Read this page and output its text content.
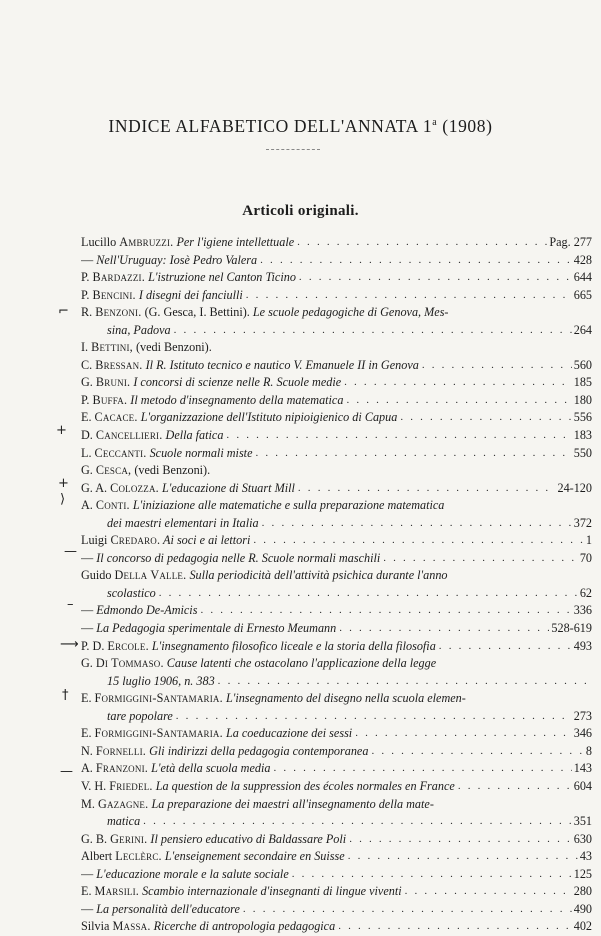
INDICE ALFABETICO DELL'ANNATA 1$^a$ (1908)
Articoli originali.
Lucillo Ambruzzi. Per l'igiene intellettuale . . .	Pag. 277
— Nell'Uruguay: Iosè Pedro Valera . . .	428
P. Bardazzi. L'istruzione nel Canton Ticino . . .	644
P. Bencini. I disegni dei fanciulli . . .	665
R. Benzoni. (G. Gesca, I. Bettini). Le scuole pedagogiche di Genova, Mes-
sina, Padova . . .	264
I. Bettini, (vedi Benzoni).
C. Bressan. Il R. Istituto tecnico e nautico V. Emanuele II in Genova . . .	560
G. Bruni. I concorsi di scienze nelle R. Scuole medie . . .	185
P. Buffa. Il metodo d'insegnamento della matematica . . .	180
E. Cacace. L'organizzazione dell'Istituto nipioigienico di Capua . . .	556
D. Cancellieri. Della fatica . . .	183
L. Ceccanti. Scuole normali miste . . .	550
G. Cesca, (vedi Benzoni).
G. A. Colozza. L'educazione di Stuart Mill . . .	24-120
A. Conti. L'iniziazione alle matematiche e sulla preparazione matematica
dei maestri elementari in Italia . . .	372
Luigi Credaro. Ai soci e ai lettori . . .	1
— Il concorso di pedagogia nelle R. Scuole normali maschili . . .	70
Guido Della Valle. Sulla periodicità dell'attività psichica durante l'anno
scolastico . . .	62
— Edmondo De-Amicis . . .	336
— La Pedagogia sperimentale di Ernesto Meumann . . .	528-619
P. D. Ercole. L'insegnamento filosofico liceale e la storia della filosofia . . .	493
G. Di Tommaso. Cause latenti che ostacolano l'applicazione della legge
15 luglio 1906, n. 383
. . .
E. Formiggini-Santamaria. L'insegnamento del disegno nella scuola elemen-
tare popolare . . .	273
E. Formiggini-Santamaria. La coeducazione dei sessi . . .	346
N. Fornelli. Gli indirizzi della pedagogia contemporanea . . .	8
A. Franzoni. L'età della scuola media . . .	143
V. H. Friedel. La question de la suppression des écoles normales en France . . .	604
M. Gazagne. La preparazione dei maestri all'insegnamento della mate-
matica . . .	351
G. B. Gerini. Il pensiero educativo di Baldassare Poli . . .	630
Albert Leclèrc. L'enseignement secondaire en Suisse . . .	43
— L'educazione morale e la salute sociale . . .	125
E. Marsili. Scambio internazionale d'insegnanti di lingue viventi . . .	280
— La personalità dell'educatore . . .	490
Silvia Massa. Ricerche di antropologia pedagogica . . .	402
⌐
+
+
⟩
—
–
⟶
†
—
